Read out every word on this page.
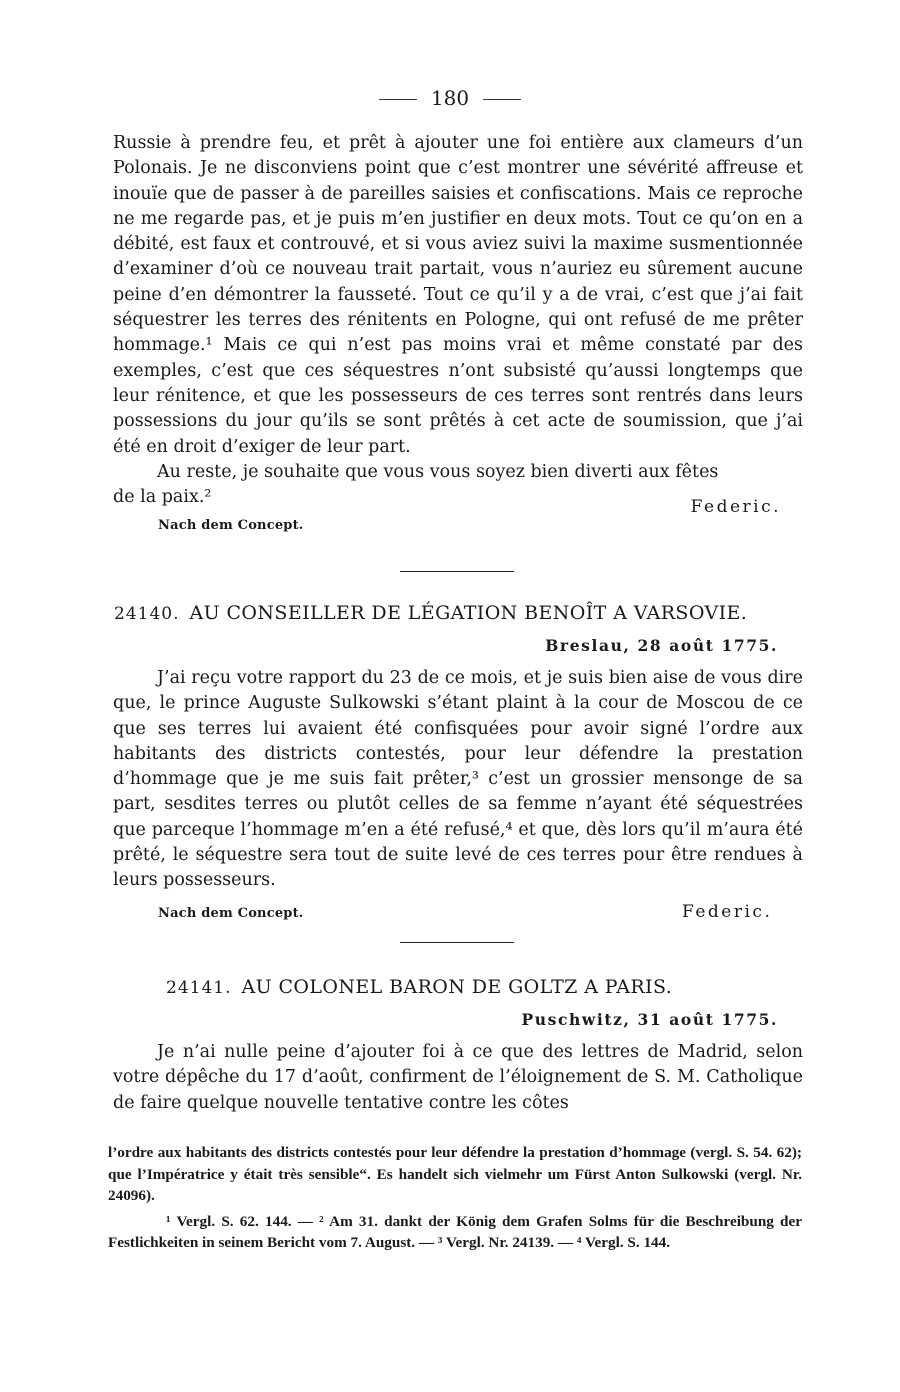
180

Russie à prendre feu, et prêt à ajouter une foi entière aux clameurs d’un Polonais. Je ne disconviens point que c’est montrer une sévérité affreuse et inouïe que de passer à de pareilles saisies et confiscations. Mais ce reproche ne me regarde pas, et je puis m’en justifier en deux mots. Tout ce qu’on en a débité, est faux et controuvé, et si vous aviez suivi la maxime susmentionnée d’examiner d’où ce nouveau trait partait, vous n’auriez eu sûrement aucune peine d’en démontrer la fausseté. Tout ce qu’il y a de vrai, c’est que j’ai fait séquestrer les terres des rénitents en Pologne, qui ont refusé de me prêter hommage.¹ Mais ce qui n’est pas moins vrai et même constaté par des exemples, c’est que ces séquestres n’ont subsisté qu’aussi longtemps que leur rénitence, et que les possesseurs de ces terres sont rentrés dans leurs possessions du jour qu’ils se sont prêtés à cet acte de soumission, que j’ai été en droit d’exiger de leur part.

Au reste, je souhaite que vous vous soyez bien diverti aux fêtes

de la paix.²	Federic.
Nach dem Concept.
24140. AU CONSEILLER DE LÉGATION BENOÎT A VARSOVIE.
Breslau, 28 août 1775.

J’ai reçu votre rapport du 23 de ce mois, et je suis bien aise de vous dire que, le prince Auguste Sulkowski s’étant plaint à la cour de Moscou de ce que ses terres lui avaient été confisquées pour avoir signé l’ordre aux habitants des districts contestés, pour leur défendre la prestation d’hommage que je me suis fait prêter,³ c’est un grossier mensonge de sa part, sesdites terres ou plutôt celles de sa femme n’ayant été séquestrées que parceque l’hommage m’en a été refusé,⁴ et que, dès lors qu’il m’aura été prêté, le séquestre sera tout de suite levé de ces terres pour être rendues à leurs possesseurs.

Nach dem Concept.	Federic.
24141. AU COLONEL BARON DE GOLTZ A PARIS.
Puschwitz, 31 août 1775.

Je n’ai nulle peine d’ajouter foi à ce que des lettres de Madrid, selon votre dépêche du 17 d’août, confirment de l’éloignement de S. M. Catholique de faire quelque nouvelle tentative contre les côtes

l’ordre aux habitants des districts contestés pour leur défendre la prestation d’hommage (vergl. S. 54. 62); que l’Impératrice y était très sensible“. Es handelt sich vielmehr um Fürst Anton Sulkowski (vergl. Nr. 24096).

¹ Vergl. S. 62. 144. — ² Am 31. dankt der König dem Grafen Solms für die Beschreibung der Festlichkeiten in seinem Bericht vom 7. August. — ³ Vergl. Nr. 24139. — ⁴ Vergl. S. 144.
